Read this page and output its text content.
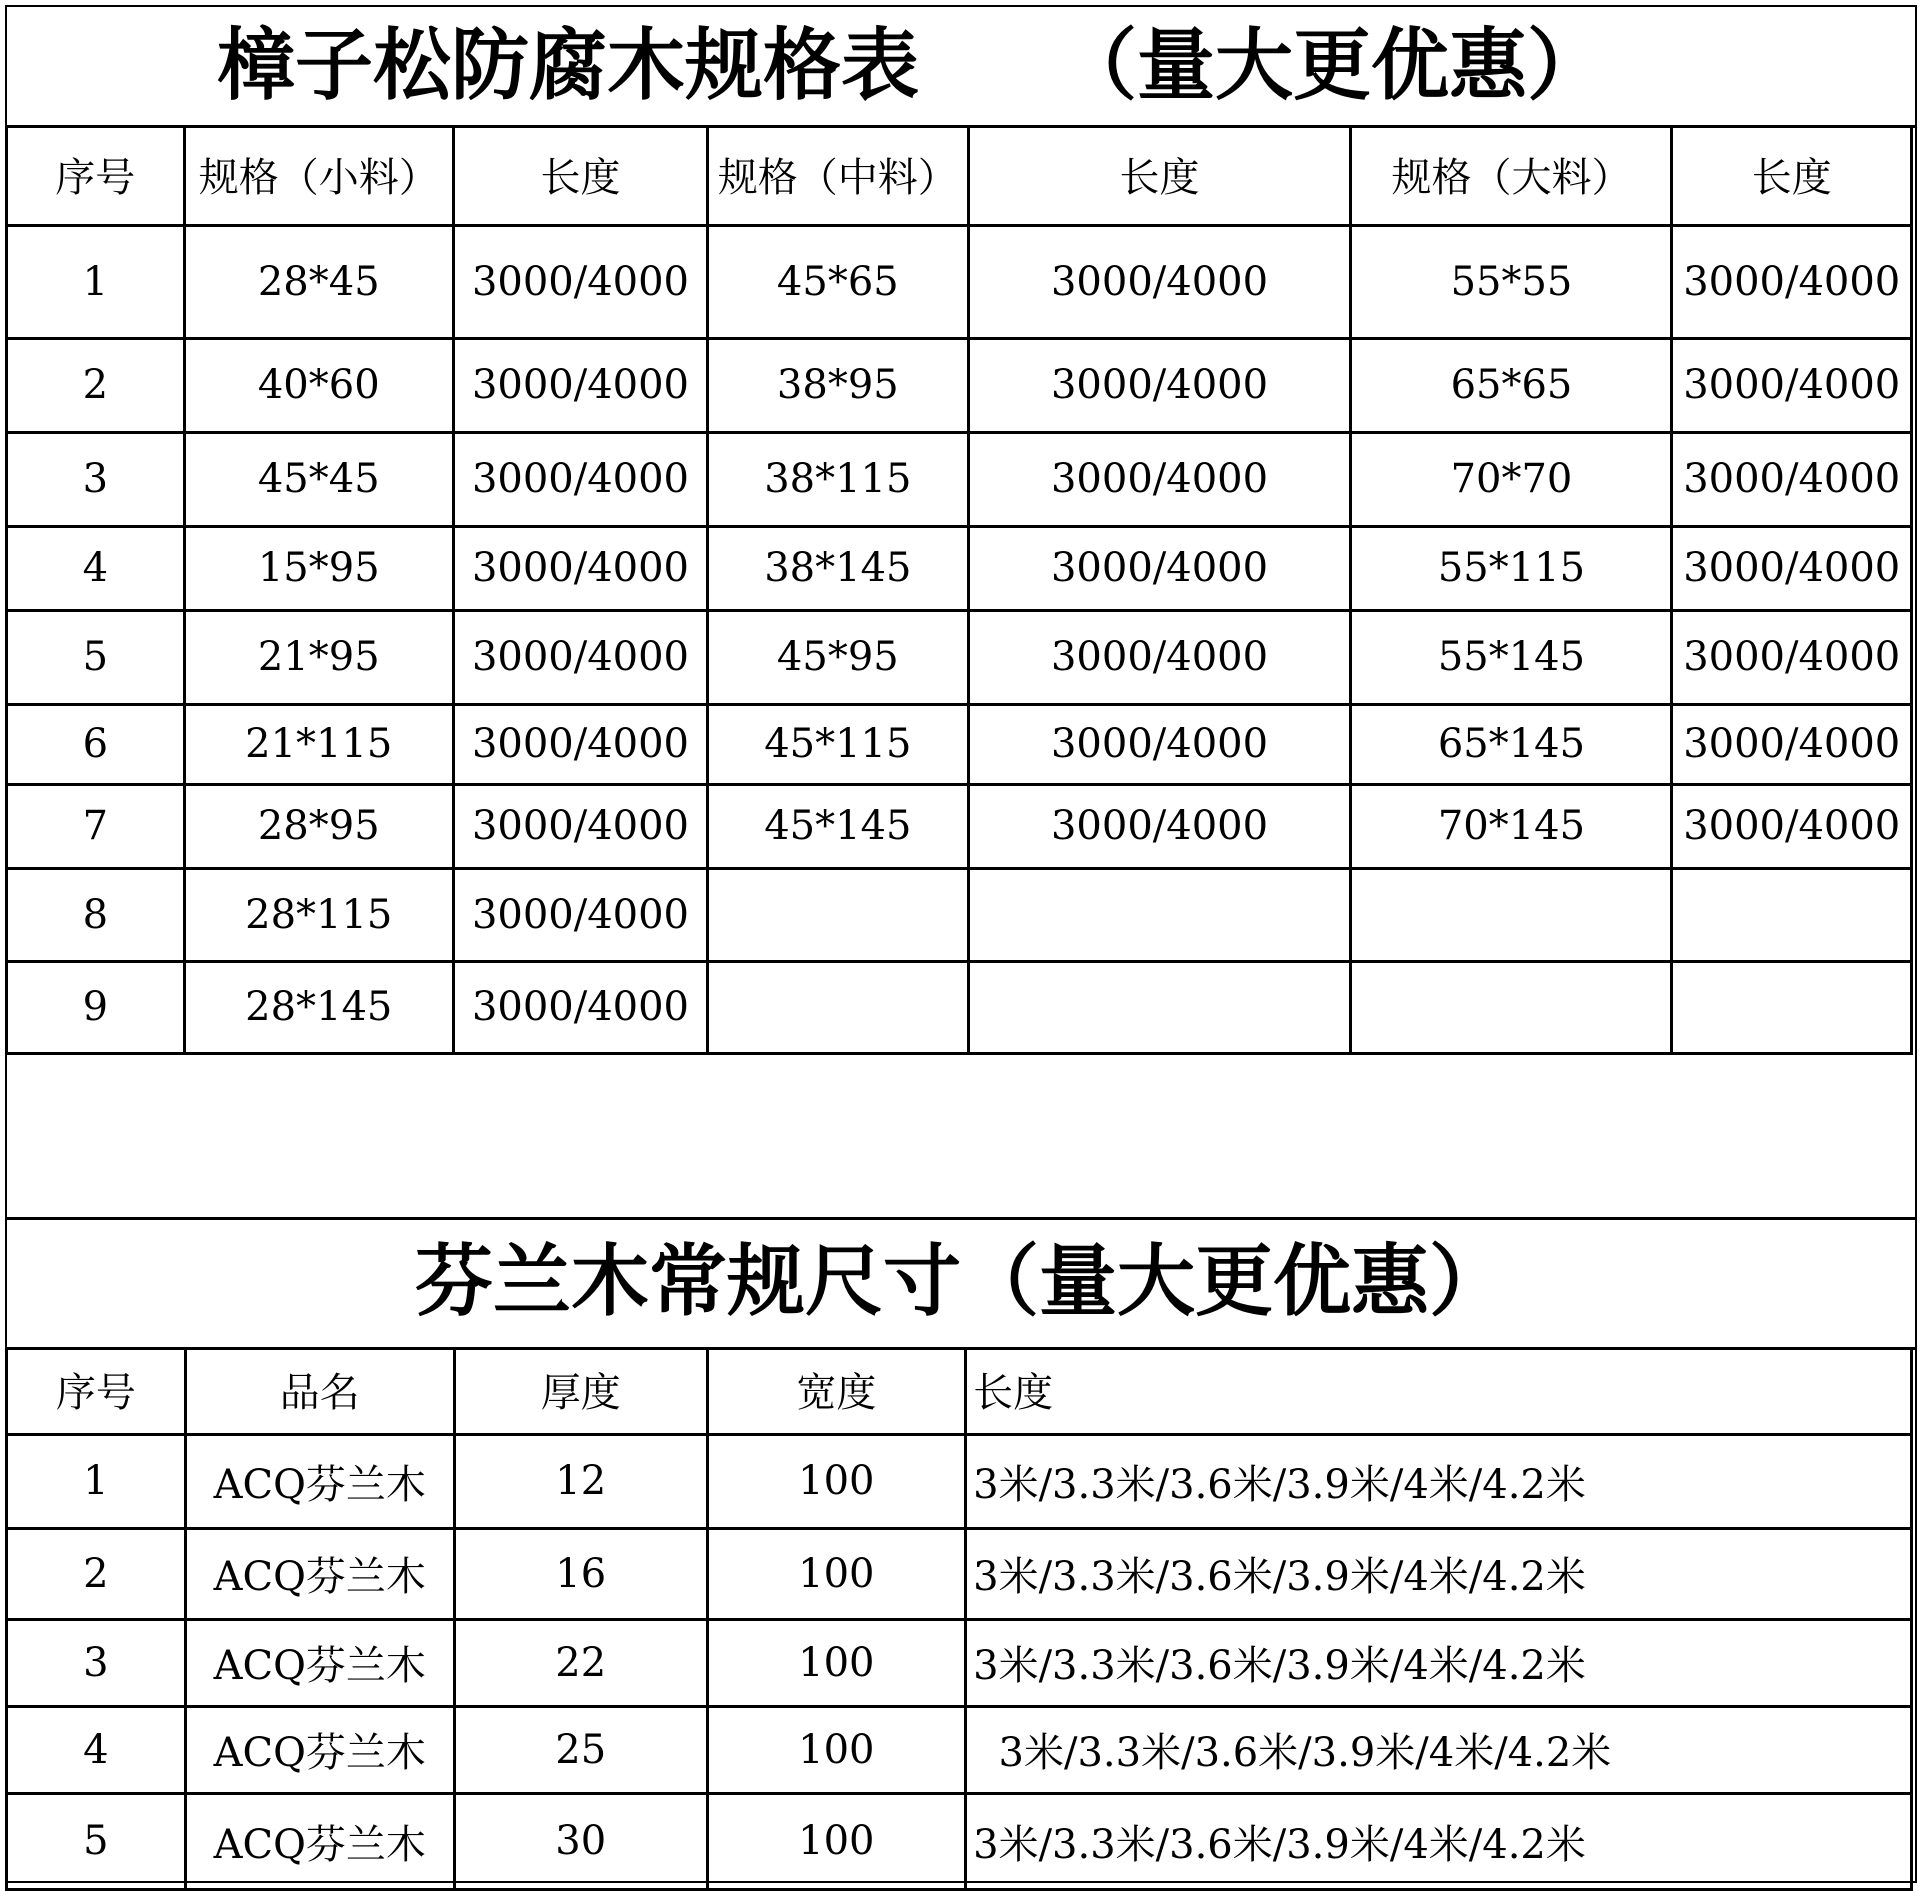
樟子松防腐木规格表 （量大更优惠）
序号	规格（小料）	长度	规格（中料）	长度	规格（大料）	长度
1	28*45	3000/4000	45*65	3000/4000	55*55	3000/4000
2	40*60	3000/4000	38*95	3000/4000	65*65	3000/4000
3	45*45	3000/4000	38*115	3000/4000	70*70	3000/4000
4	15*95	3000/4000	38*145	3000/4000	55*115	3000/4000
5	21*95	3000/4000	45*95	3000/4000	55*145	3000/4000
6	21*115	3000/4000	45*115	3000/4000	65*145	3000/4000
7	28*95	3000/4000	45*145	3000/4000	70*145	3000/4000
8	28*115	3000/4000				
9	28*145	3000/4000				
芬兰木常规尺寸（量大更优惠）
序号	品名	厚度	宽度	长度
1	ACQ芬兰木	12	100	3米/3.3米/3.6米/3.9米/4米/4.2米
2	ACQ芬兰木	16	100	3米/3.3米/3.6米/3.9米/4米/4.2米
3	ACQ芬兰木	22	100	3米/3.3米/3.6米/3.9米/4米/4.2米
4	ACQ芬兰木	25	100	3米/3.3米/3.6米/3.9米/4米/4.2米
5	ACQ芬兰木	30	100	3米/3.3米/3.6米/3.9米/4米/4.2米
